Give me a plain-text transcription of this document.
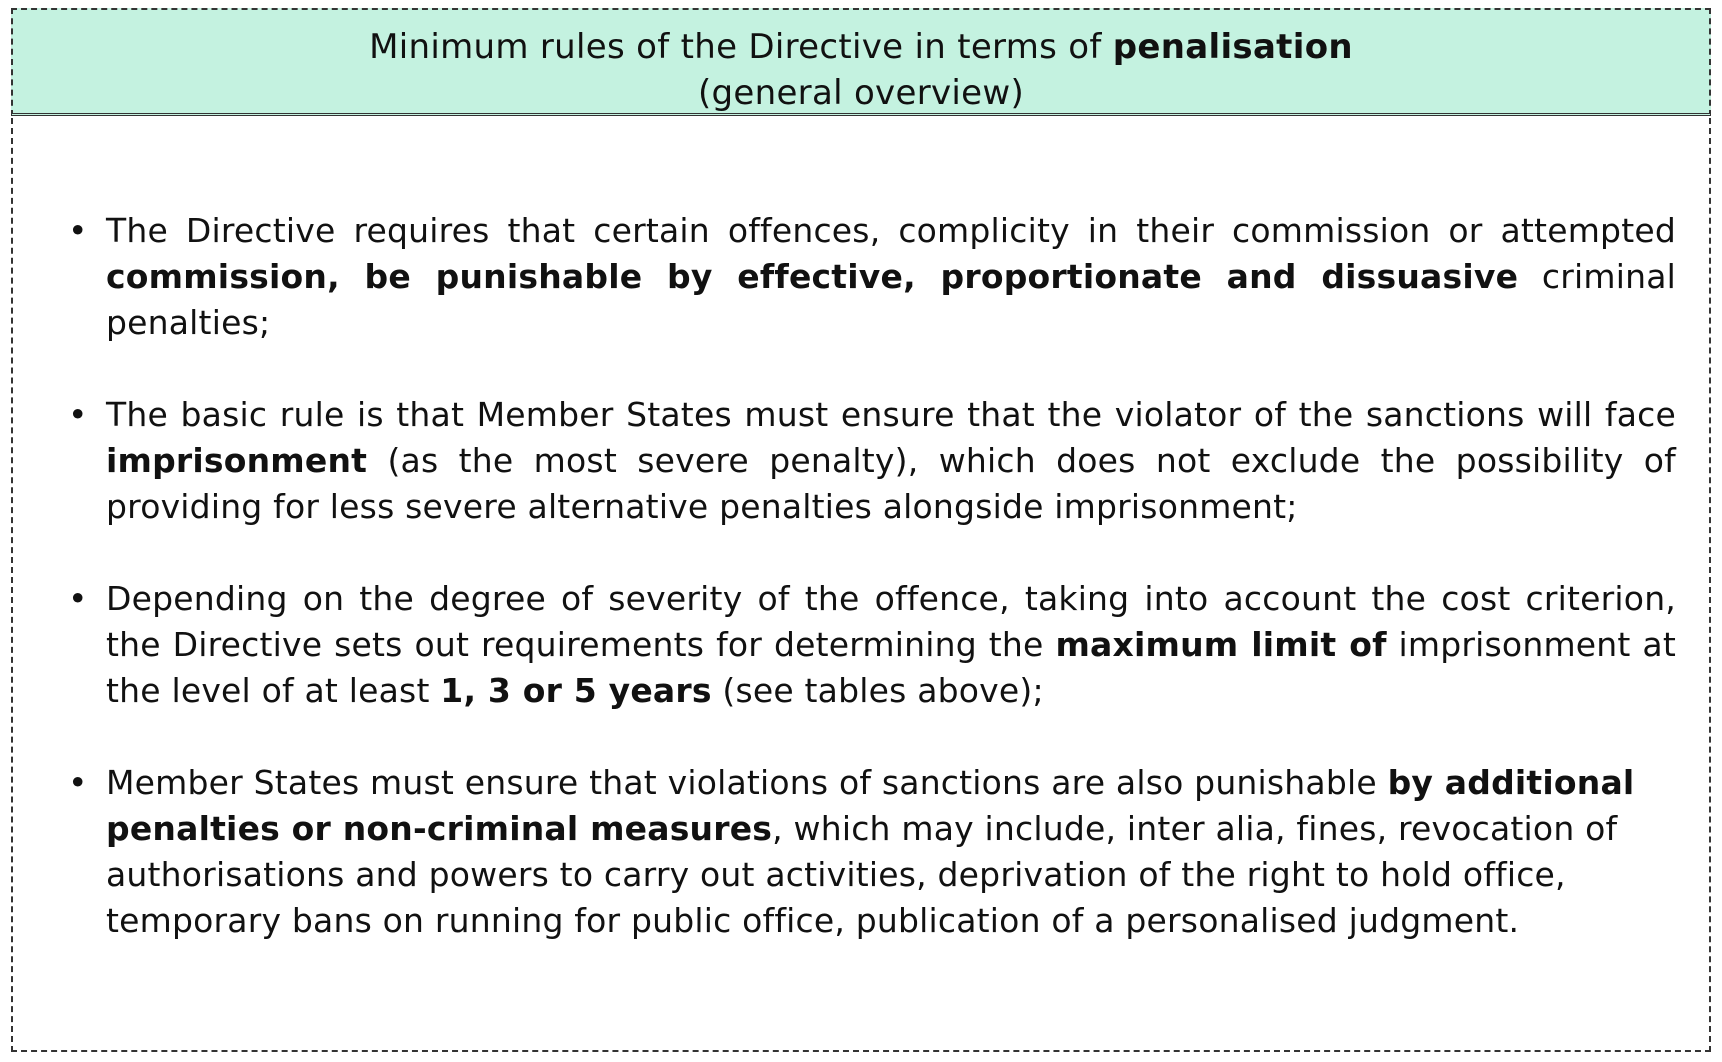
Minimum rules of the Directive in terms of penalisation
(general overview)
• The Directive requires that certain offences, complicity in their commission or attempted commission, be punishable by effective, proportionate and dissuasive criminal penalties;
• The basic rule is that Member States must ensure that the violator of the sanctions will face imprisonment (as the most severe penalty), which does not exclude the possibility of providing for less severe alternative penalties alongside imprisonment;
• Depending on the degree of severity of the offence, taking into account the cost criterion, the Directive sets out requirements for determining the maximum limit of imprisonment at the level of at least 1, 3 or 5 years (see tables above);
• Member States must ensure that violations of sanctions are also punishable by additional penalties or non-criminal measures, which may include, inter alia, fines, revocation of authorisations and powers to carry out activities, deprivation of the right to hold office, temporary bans on running for public office, publication of a personalised judgment.
